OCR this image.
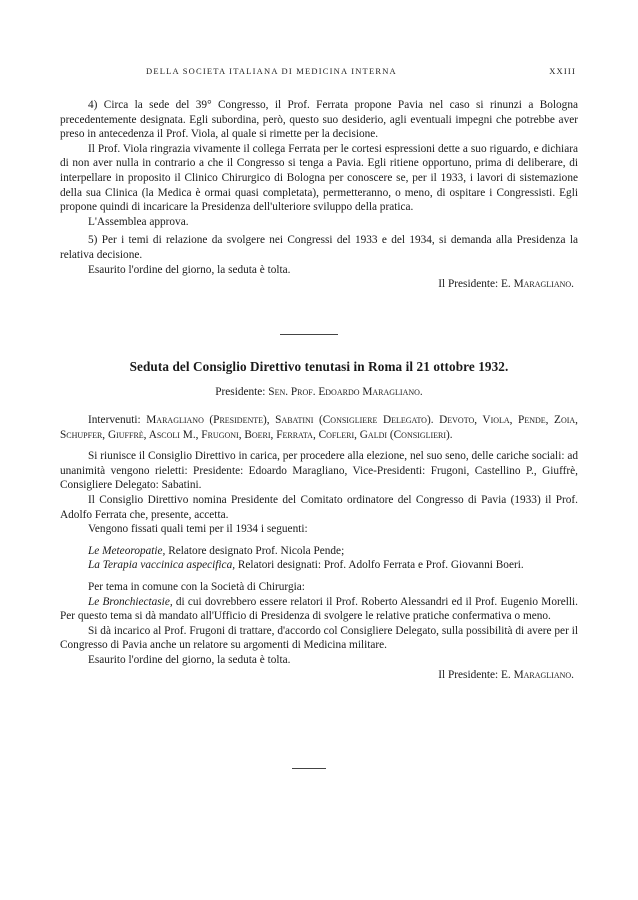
DELLA SOCIETA ITALIANA DI MEDICINA INTERNA	XXIII

4) Circa la sede del 39° Congresso, il Prof. Ferrata propone Pavia nel caso si rinunzi a Bologna precedentemente designata. Egli subordina, però, questo suo desiderio, agli eventuali impegni che potrebbe aver preso in antecedenza il Prof. Viola, al quale si rimette per la decisione.

Il Prof. Viola ringrazia vivamente il collega Ferrata per le cortesi espressioni dette a suo riguardo, e dichiara di non aver nulla in contrario a che il Congresso si tenga a Pavia. Egli ritiene opportuno, prima di deliberare, di interpellare in proposito il Clinico Chirurgico di Bologna per conoscere se, per il 1933, i lavori di sistemazione della sua Clinica (la Medica è ormai quasi completata), permetteranno, o meno, di ospitare i Congressisti. Egli propone quindi di incaricare la Presidenza dell'ulteriore sviluppo della pratica.

L'Assemblea approva.

5) Per i temi di relazione da svolgere nei Congressi del 1933 e del 1934, si demanda alla Presidenza la relativa decisione.

Esaurito l'ordine del giorno, la seduta è tolta.

Il Presidente: E. Maragliano.

Seduta del Consiglio Direttivo tenutasi in Roma il 21 ottobre 1932.
Presidente: Sen. Prof. Edoardo Maragliano.

Intervenuti: Maragliano (Presidente), Sabatini (Consigliere Delegato). Devoto, Viola, Pende, Zoia, Schupfer, Giuffrè, Ascoli M., Frugoni, Boeri, Ferrata, Cofleri, Galdi (Consiglieri).

Si riunisce il Consiglio Direttivo in carica, per procedere alla elezione, nel suo seno, delle cariche sociali: ad unanimità vengono rieletti: Presidente: Edoardo Maragliano, Vice-Presidenti: Frugoni, Castellino P., Giuffrè, Consigliere Delegato: Sabatini.

Il Consiglio Direttivo nomina Presidente del Comitato ordinatore del Congresso di Pavia (1933) il Prof. Adolfo Ferrata che, presente, accetta.

Vengono fissati quali temi per il 1934 i seguenti:

Le Meteoropatie, Relatore designato Prof. Nicola Pende;

La Terapia vaccinica aspecifica, Relatori designati: Prof. Adolfo Ferrata e Prof. Giovanni Boeri.

Per tema in comune con la Società di Chirurgia:

Le Bronchiectasie, di cui dovrebbero essere relatori il Prof. Roberto Alessandri ed il Prof. Eugenio Morelli. Per questo tema si dà mandato all'Ufficio di Presidenza di svolgere le relative pratiche confermativa o meno.

Si dà incarico al Prof. Frugoni di trattare, d'accordo col Consigliere Delegato, sulla possibilità di avere per il Congresso di Pavia anche un relatore su argomenti di Medicina militare.

Esaurito l'ordine del giorno, la seduta è tolta.

Il Presidente: E. Maragliano.
